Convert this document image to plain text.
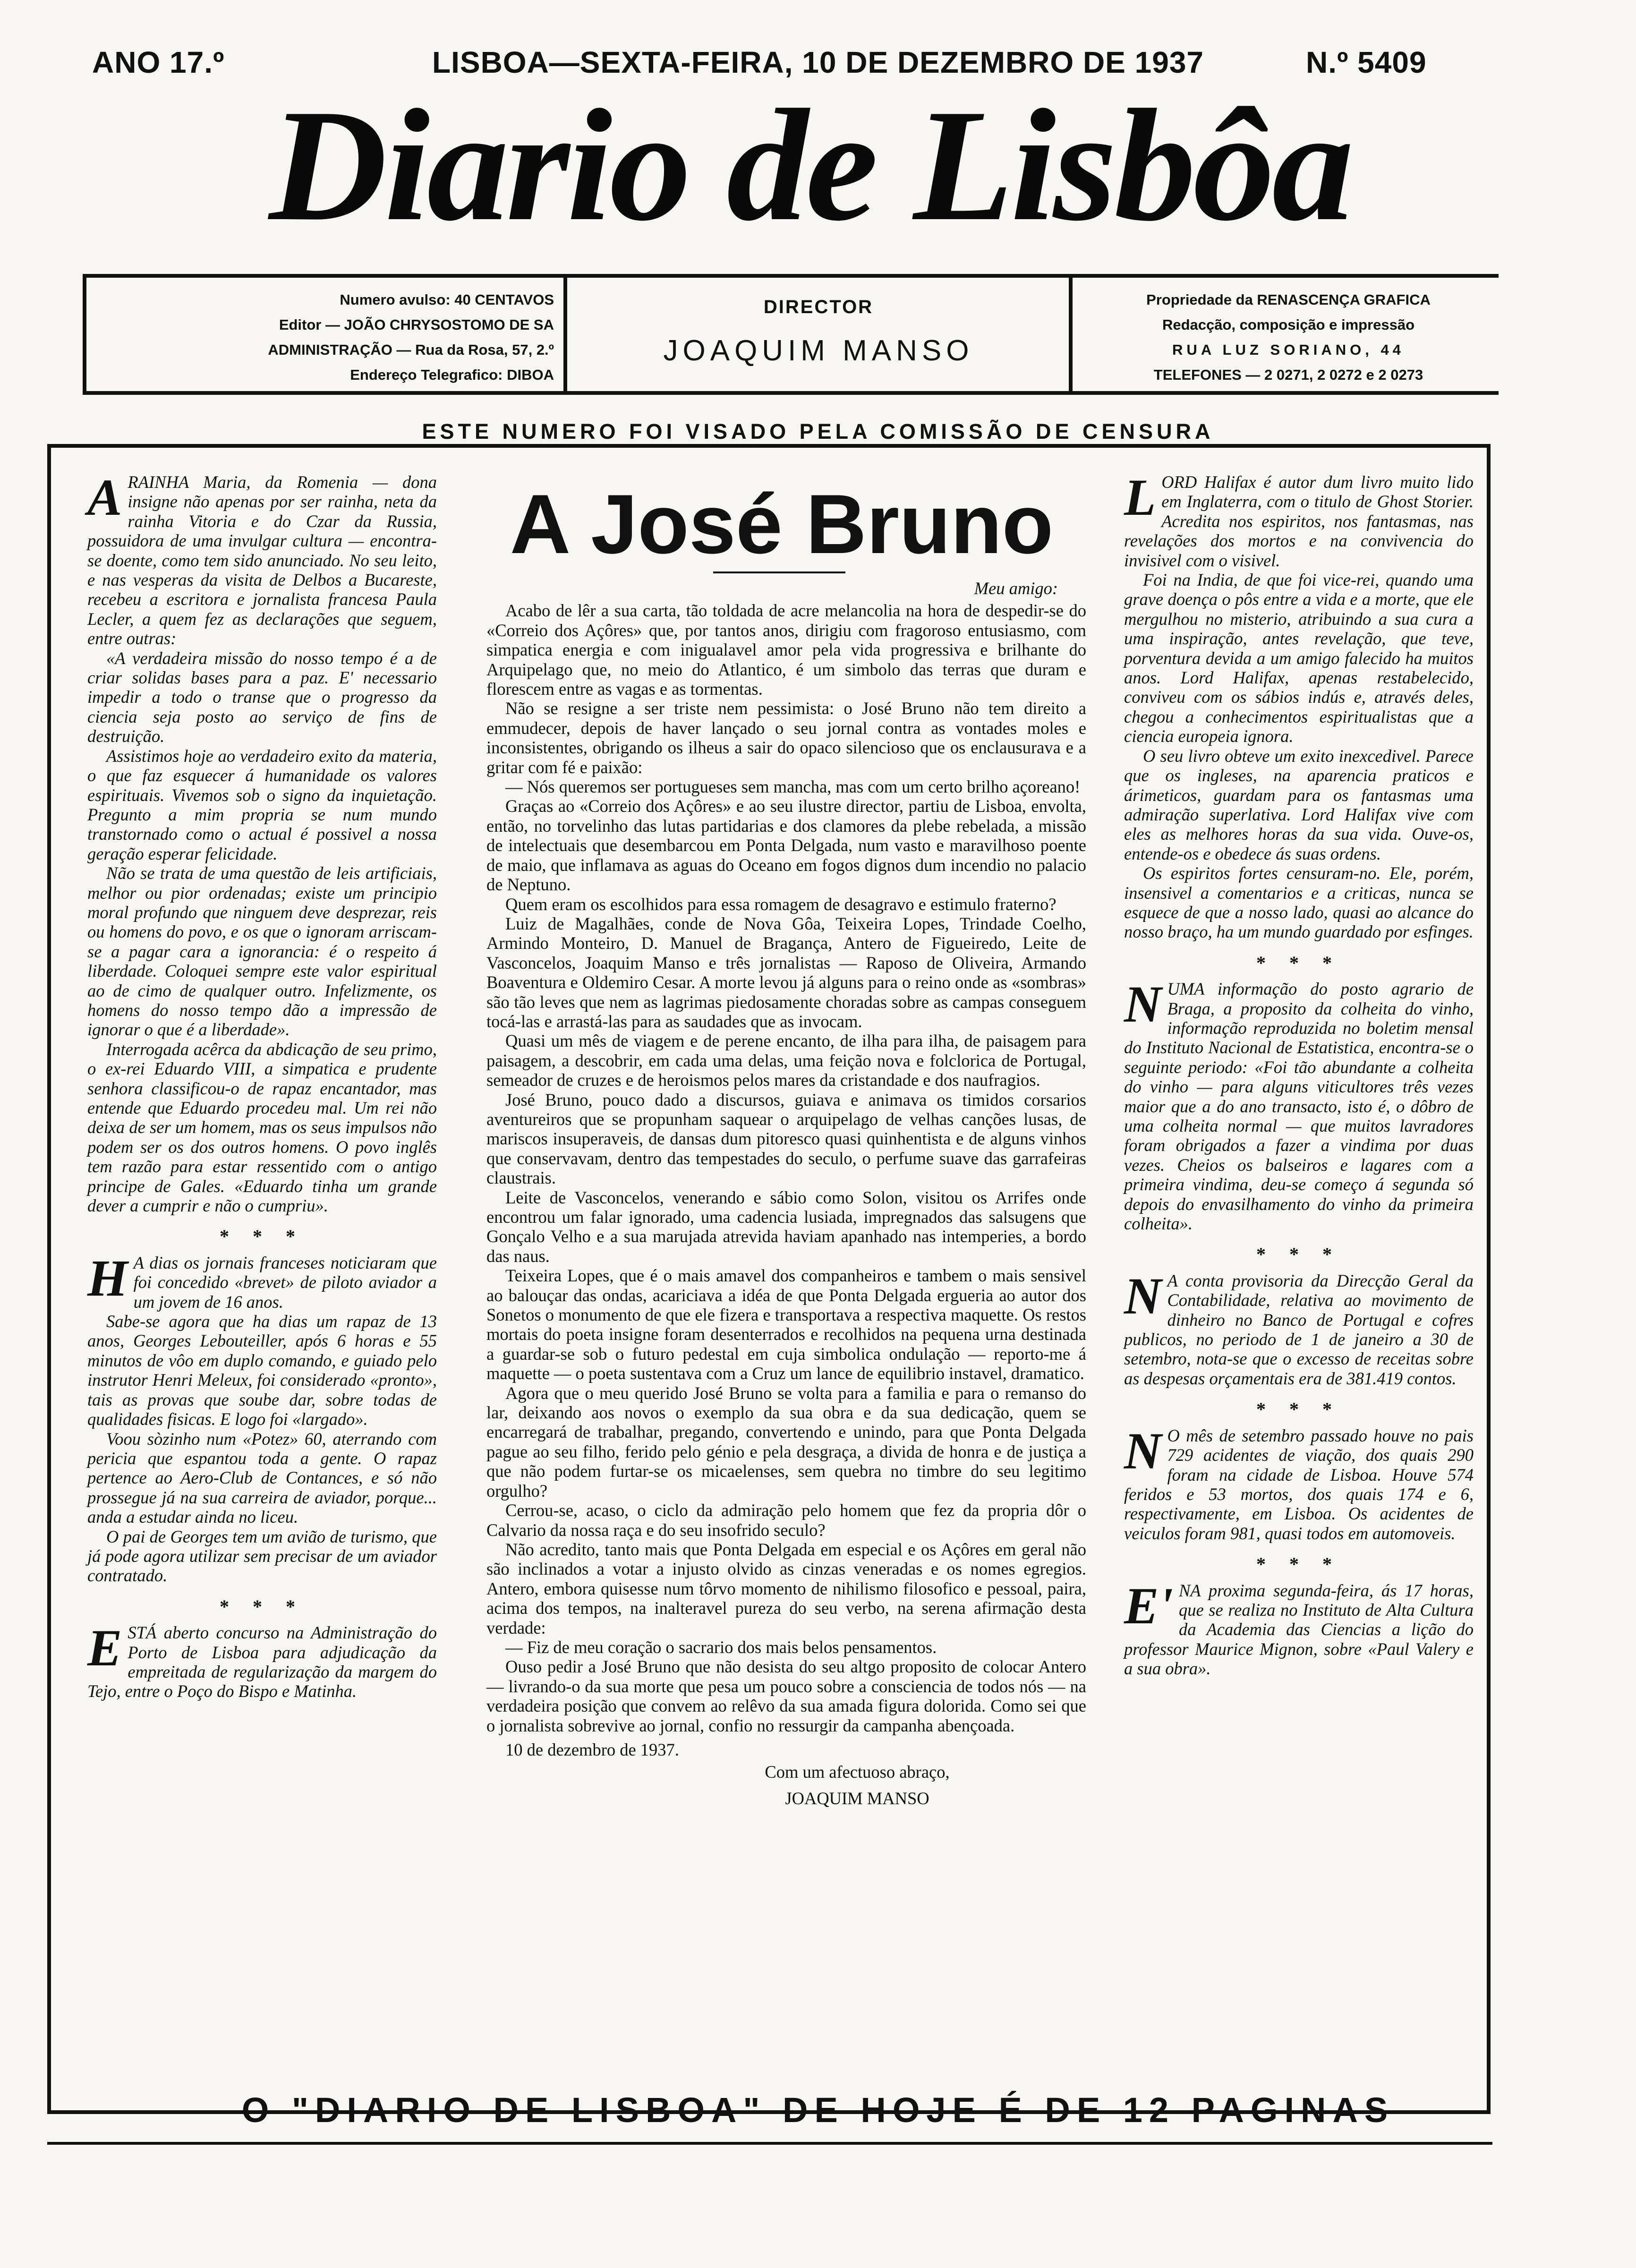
ANO 17.º	LISBOA—SEXTA-FEIRA, 10 DE DEZEMBRO DE 1937	N.º 5409
Diario de Lisbôa
Numero avulso: 40 CENTAVOS
Editor — JOÃO CHRYSOSTOMO DE SA
ADMINISTRAÇÃO — Rua da Rosa, 57, 2.º
Endereço Telegrafico: DIBOA
DIRECTOR
JOAQUIM MANSO
Propriedade da RENASCENÇA GRAFICA
Redacção, composição e impressão
RUA LUZ SORIANO, 44
TELEFONES — 2 0271, 2 0272 e 2 0273
ESTE NUMERO FOI VISADO PELA COMISSÃO DE CENSURA

ARAINHA Maria, da Romenia — dona insigne não apenas por ser rainha, neta da rainha Vitoria e do Czar da Russia, possuidora de uma invulgar cultura — encontra-se doente, como tem sido anunciado. No seu leito, e nas vesperas da visita de Delbos a Bucareste, recebeu a escritora e jornalista francesa Paula Lecler, a quem fez as declarações que seguem, entre outras:

«A verdadeira missão do nosso tempo é a de criar solidas bases para a paz. E' necessario impedir a todo o transe que o progresso da ciencia seja posto ao serviço de fins de destruição.

Assistimos hoje ao verdadeiro exito da materia, o que faz esquecer á humanidade os valores espirituais. Vivemos sob o signo da inquietação. Pregunto a mim propria se num mundo transtornado como o actual é possivel a nossa geração esperar felicidade.

Não se trata de uma questão de leis artificiais, melhor ou pior ordenadas; existe um principio moral profundo que ninguem deve desprezar, reis ou homens do povo, e os que o ignoram arriscam-se a pagar cara a ignorancia: é o respeito á liberdade. Coloquei sempre este valor espiritual ao de cimo de qualquer outro. Infelizmente, os homens do nosso tempo dão a impressão de ignorar o que é a liberdade».

Interrogada acêrca da abdicação de seu primo, o ex-rei Eduardo VIII, a simpatica e prudente senhora classificou-o de rapaz encantador, mas entende que Eduardo procedeu mal. Um rei não deixa de ser um homem, mas os seus impulsos não podem ser os dos outros homens. O povo inglês tem razão para estar ressentido com o antigo principe de Gales. «Eduardo tinha um grande dever a cumprir e não o cumpriu».

* * *

H A dias os jornais franceses noticiaram que foi concedido «brevet» de piloto aviador a um jovem de 16 anos.

Sabe-se agora que ha dias um rapaz de 13 anos, Georges Lebouteiller, após 6 horas e 55 minutos de vôo em duplo comando, e guiado pelo instrutor Henri Meleux, foi considerado «pronto», tais as provas que soube dar, sobre todas de qualidades fisicas. E logo foi «largado».

Voou sòzinho num «Potez» 60, aterrando com pericia que espantou toda a gente. O rapaz pertence ao Aero-Club de Contances, e só não prossegue já na sua carreira de aviador, porque... anda a estudar ainda no liceu.

O pai de Georges tem um avião de turismo, que já pode agora utilizar sem precisar de um aviador contratado.

* * *

ESTÁ aberto concurso na Administração do Porto de Lisboa para adjudicação da empreitada de regularização da margem do Tejo, entre o Poço do Bispo e Matinha.

A José Bruno
Meu amigo:

Acabo de lêr a sua carta, tão toldada de acre melancolia na hora de despedir-se do «Correio dos Açôres» que, por tantos anos, dirigiu com fragoroso entusiasmo, com simpatica energia e com inigualavel amor pela vida progressiva e brilhante do Arquipelago que, no meio do Atlantico, é um simbolo das terras que duram e florescem entre as vagas e as tormentas.

Não se resigne a ser triste nem pessimista: o José Bruno não tem direito a emmudecer, depois de haver lançado o seu jornal contra as vontades moles e inconsistentes, obrigando os ilheus a sair do opaco silencioso que os enclausurava e a gritar com fé e paixão:

— Nós queremos ser portugueses sem mancha, mas com um certo brilho açoreano!

Graças ao «Correio dos Açôres» e ao seu ilustre director, partiu de Lisboa, envolta, então, no torvelinho das lutas partidarias e dos clamores da plebe rebelada, a missão de intelectuais que desembarcou em Ponta Delgada, num vasto e maravilhoso poente de maio, que inflamava as aguas do Oceano em fogos dignos dum incendio no palacio de Neptuno.

Quem eram os escolhidos para essa romagem de desagravo e estimulo fraterno?

Luiz de Magalhães, conde de Nova Gôa, Teixeira Lopes, Trindade Coelho, Armindo Monteiro, D. Manuel de Bragança, Antero de Figueiredo, Leite de Vasconcelos, Joaquim Manso e três jornalistas — Raposo de Oliveira, Armando Boaventura e Oldemiro Cesar. A morte levou já alguns para o reino onde as «sombras» são tão leves que nem as lagrimas piedosamente choradas sobre as campas conseguem tocá-las e arrastá-las para as saudades que as invocam.

Quasi um mês de viagem e de perene encanto, de ilha para ilha, de paisagem para paisagem, a descobrir, em cada uma delas, uma feição nova e folclorica de Portugal, semeador de cruzes e de heroismos pelos mares da cristandade e dos naufragios.

José Bruno, pouco dado a discursos, guiava e animava os timidos corsarios aventureiros que se propunham saquear o arquipelago de velhas canções lusas, de mariscos insuperaveis, de dansas dum pitoresco quasi quinhentista e de alguns vinhos que conservavam, dentro das tempestades do seculo, o perfume suave das garrafeiras claustrais.

Leite de Vasconcelos, venerando e sábio como Solon, visitou os Arrifes onde encontrou um falar ignorado, uma cadencia lusiada, impregnados das salsugens que Gonçalo Velho e a sua marujada atrevida haviam apanhado nas intemperies, a bordo das naus.

Teixeira Lopes, que é o mais amavel dos companheiros e tambem o mais sensivel ao balouçar das ondas, acariciava a idéa de que Ponta Delgada ergueria ao autor dos Sonetos o monumento de que ele fizera e transportava a respectiva maquette. Os restos mortais do poeta insigne foram desenterrados e recolhidos na pequena urna destinada a guardar-se sob o futuro pedestal em cuja simbolica ondulação — reporto-me á maquette — o poeta sustentava com a Cruz um lance de equilibrio instavel, dramatico.

Agora que o meu querido José Bruno se volta para a familia e para o remanso do lar, deixando aos novos o exemplo da sua obra e da sua dedicação, quem se encarregará de trabalhar, pregando, convertendo e unindo, para que Ponta Delgada pague ao seu filho, ferido pelo génio e pela desgraça, a divida de honra e de justiça a que não podem furtar-se os micaelenses, sem quebra no timbre do seu legitimo orgulho?

Cerrou-se, acaso, o ciclo da admiração pelo homem que fez da propria dôr o Calvario da nossa raça e do seu insofrido seculo?

Não acredito, tanto mais que Ponta Delgada em especial e os Açôres em geral não são inclinados a votar a injusto olvido as cinzas veneradas e os nomes egregios. Antero, embora quisesse num tôrvo momento de nihilismo filosofico e pessoal, paira, acima dos tempos, na inalteravel pureza do seu verbo, na serena afirmação desta verdade:

— Fiz de meu coração o sacrario dos mais belos pensamentos.

Ouso pedir a José Bruno que não desista do seu altgo proposito de colocar Antero — livrando-o da sua morte que pesa um pouco sobre a consciencia de todos nós — na verdadeira posição que convem ao relêvo da sua amada figura dolorida. Como sei que o jornalista sobrevive ao jornal, confio no ressurgir da campanha abençoada.

10 de dezembro de 1937.

Com um afectuoso abraço,
JOAQUIM MANSO

LORD Halifax é autor dum livro muito lido em Inglaterra, com o titulo de Ghost Storier. Acredita nos espiritos, nos fantasmas, nas revelações dos mortos e na convivencia do invisivel com o visivel.

Foi na India, de que foi vice-rei, quando uma grave doença o pôs entre a vida e a morte, que ele mergulhou no misterio, atribuindo a sua cura a uma inspiração, antes revelação, que teve, porventura devida a um amigo falecido ha muitos anos. Lord Halifax, apenas restabelecido, conviveu com os sábios indús e, através deles, chegou a conhecimentos espiritualistas que a ciencia europeia ignora.

O seu livro obteve um exito inexcedivel. Parece que os ingleses, na aparencia praticos e árimeticos, guardam para os fantasmas uma admiração superlativa. Lord Halifax vive com eles as melhores horas da sua vida. Ouve-os, entende-os e obedece ás suas ordens.

Os espiritos fortes censuram-no. Ele, porém, insensivel a comentarios e a criticas, nunca se esquece de que a nosso lado, quasi ao alcance do nosso braço, ha um mundo guardado por esfinges.

* * *

NUMA informação do posto agrario de Braga, a proposito da colheita do vinho, informação reproduzida no boletim mensal do Instituto Nacional de Estatistica, encontra-se o seguinte periodo: «Foi tão abundante a colheita do vinho — para alguns viticultores três vezes maior que a do ano transacto, isto é, o dôbro de uma colheita normal — que muitos lavradores foram obrigados a fazer a vindima por duas vezes. Cheios os balseiros e lagares com a primeira vindima, deu-se começo á segunda só depois do envasilhamento do vinho da primeira colheita».

* * *

N A conta provisoria da Direcção Geral da Contabilidade, relativa ao movimento de dinheiro no Banco de Portugal e cofres publicos, no periodo de 1 de janeiro a 30 de setembro, nota-se que o excesso de receitas sobre as despesas orçamentais era de 381.419 contos.

* * *

N O mês de setembro passado houve no pais 729 acidentes de viação, dos quais 290 foram na cidade de Lisboa. Houve 574 feridos e 53 mortos, dos quais 174 e 6, respectivamente, em Lisboa. Os acidentes de veiculos foram 981, quasi todos em automoveis.

* * *

E' NA proxima segunda-feira, ás 17 horas, que se realiza no Instituto de Alta Cultura da Academia das Ciencias a lição do professor Maurice Mignon, sobre «Paul Valery e a sua obra».

O "DIARIO DE LISBOA" DE HOJE É DE 12 PAGINAS
